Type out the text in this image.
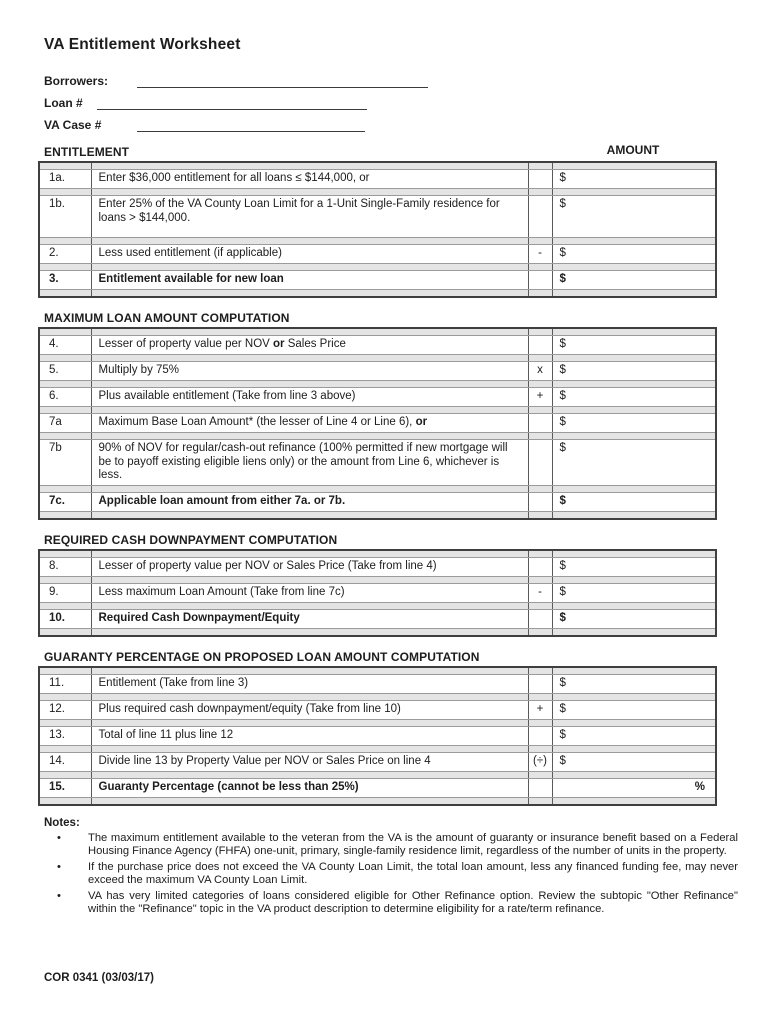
VA Entitlement Worksheet
Borrowers:
Loan #
VA Case #
ENTITLEMENT	AMOUNT

1a.	Enter $36,000 entitlement for all loans ≤ $144,000, or		$

1b.	Enter 25% of the VA County Loan Limit for a 1-Unit Single-Family residence for loans > $144,000.		$

2.	Less used entitlement (if applicable)	-	$

3.	Entitlement available for new loan		$

MAXIMUM LOAN AMOUNT COMPUTATION

4.	Lesser of property value per NOV or Sales Price		$

5.	Multiply by 75%	x	$

6.	Plus available entitlement (Take from line 3 above)	+	$

7a	Maximum Base Loan Amount* (the lesser of Line 4 or Line 6), or		$

7b	90% of NOV for regular/cash-out refinance (100% permitted if new mortgage will be to payoff existing eligible liens only) or the amount from Line 6, whichever is less.		$

7c.	Applicable loan amount from either 7a. or 7b.		$

REQUIRED CASH DOWNPAYMENT COMPUTATION

8.	Lesser of property value per NOV or Sales Price (Take from line 4)		$

9.	Less maximum Loan Amount (Take from line 7c)	-	$

10.	Required Cash Downpayment/Equity		$

GUARANTY PERCENTAGE ON PROPOSED LOAN AMOUNT COMPUTATION

11.	Entitlement (Take from line 3)		$

12.	Plus required cash downpayment/equity (Take from line 10)	+	$

13.	Total of line 11 plus line 12		$

14.	Divide line 13 by Property Value per NOV or Sales Price on line 4	(÷)	$

15.	Guaranty Percentage (cannot be less than 25%)		%

Notes:
• The maximum entitlement available to the veteran from the VA is the amount of guaranty or insurance benefit based on a Federal Housing Finance Agency (FHFA) one-unit, primary, single-family residence limit, regardless of the number of units in the property.
• If the purchase price does not exceed the VA County Loan Limit, the total loan amount, less any financed funding fee, may never exceed the maximum VA County Loan Limit.
• VA has very limited categories of loans considered eligible for Other Refinance option. Review the subtopic "Other Refinance" within the "Refinance" topic in the VA product description to determine eligibility for a rate/term refinance.
COR 0341 (03/03/17)
